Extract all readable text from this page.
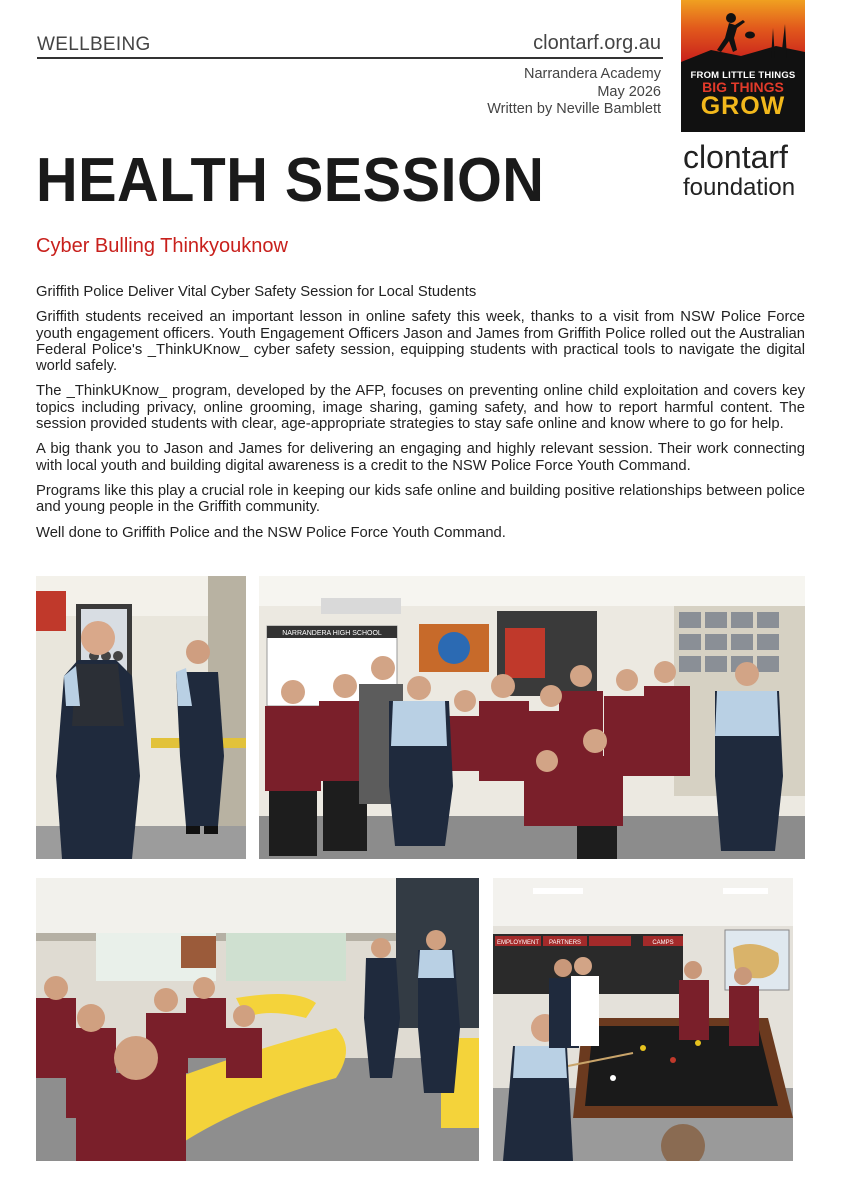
WELLBEING	clontarf.org.au
Narrandera Academy
May 2026
Written by Neville Bamblett
FROM LITTLE THINGS
BIG THINGS
GROW
clontarf
foundation
HEALTH SESSION
Cyber Bulling Thinkyouknow

Griffith Police Deliver Vital Cyber Safety Session for Local Students

Griffith students received an important lesson in online safety this week, thanks to a visit from NSW Police Force youth engagement officers. Youth Engagement Officers Jason and James from Griffith Police rolled out the Australian Federal Police's _ThinkUKnow_ cyber safety session, equipping students with practical tools to navigate the digital world safely.

The _ThinkUKnow_ program, developed by the AFP, focuses on preventing online child exploitation and covers key topics including privacy, online grooming, image sharing, gaming safety, and how to report harmful content. The session provided students with clear, age-appropriate strategies to stay safe online and know where to go for help.

A big thank you to Jason and James for delivering an engaging and highly relevant session. Their work connecting with local youth and building digital awareness is a credit to the NSW Police Force Youth Command.

Programs like this play a crucial role in keeping our kids safe online and building positive relationships between police and young people in the Griffith community.

Well done to Griffith Police and the NSW Police Force Youth Command.

NARRANDERA HIGH SCHOOL
EMPLOYMENT PARTNERS	CAMPS
